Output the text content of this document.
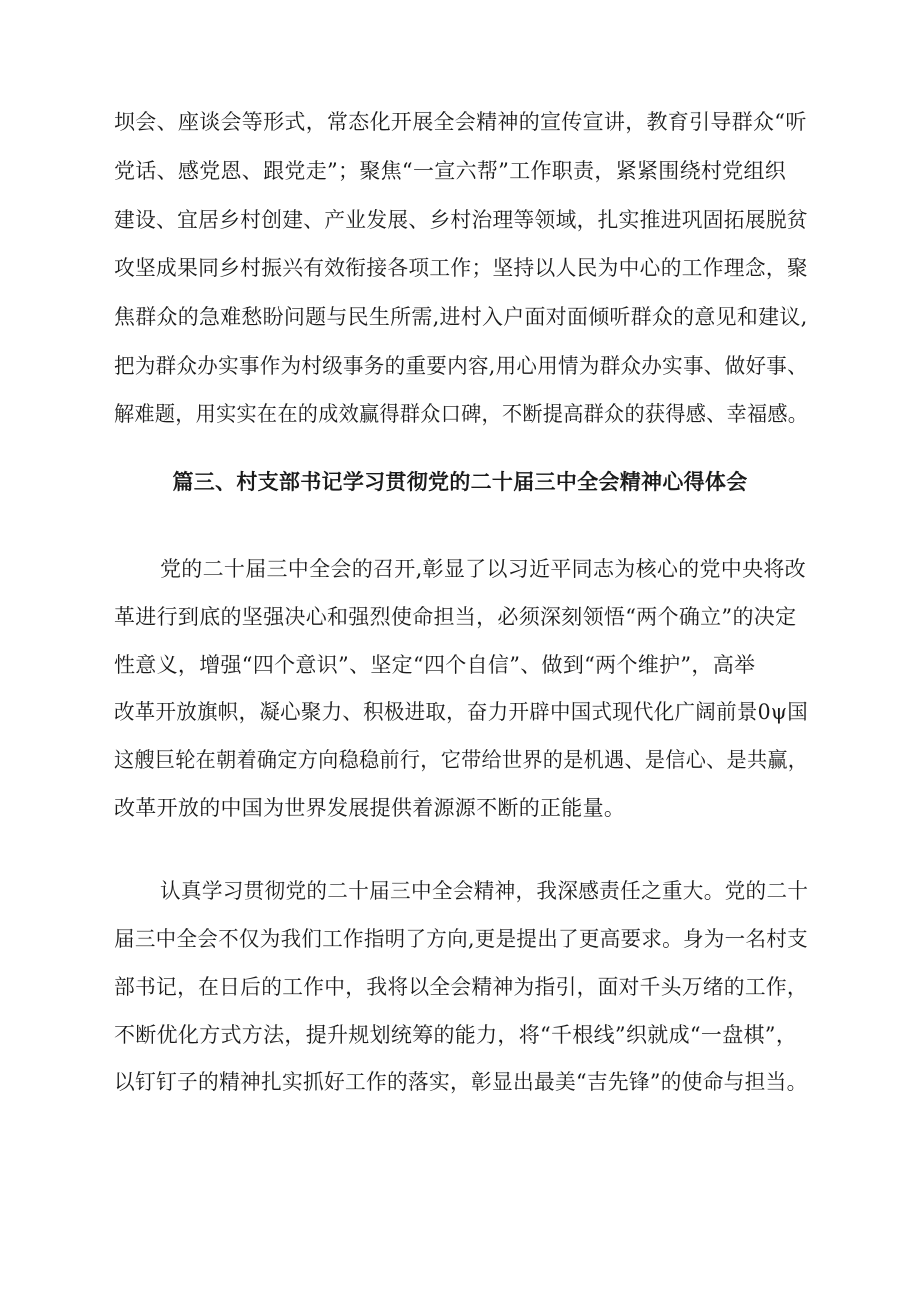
坝会、座谈会等形式，常态化开展全会精神的宣传宣讲，教育引导群众“听
党话、感党恩、跟党走”；聚焦“一宣六帮”工作职责，紧紧围绕村党组织
建设、宜居乡村创建、产业发展、乡村治理等领域，扎实推进巩固拓展脱贫
攻坚成果同乡村振兴有效衔接各项工作；坚持以人民为中心的工作理念，聚
焦群众的急难愁盼问题与民生所需,进村入户面对面倾听群众的意见和建议,
把为群众办实事作为村级事务的重要内容,用心用情为群众办实事、做好事、
解难题，用实实在在的成效赢得群众口碑，不断提高群众的获得感、幸福感。
篇三、村支部书记学习贯彻党的二十届三中全会精神心得体会
党的二十届三中全会的召开,彰显了以习近平同志为核心的党中央将改
革进行到底的坚强决心和强烈使命担当，必须深刻领悟“两个确立”的决定
性意义，增强“四个意识”、坚定“四个自信”、做到“两个维护”，高举
改革开放旗帜，凝心聚力、积极进取，奋力开辟中国式现代化广阔前景0ψ国
这艘巨轮在朝着确定方向稳稳前行，它带给世界的是机遇、是信心、是共赢，
改革开放的中国为世界发展提供着源源不断的正能量。
认真学习贯彻党的二十届三中全会精神，我深感责任之重大。党的二十
届三中全会不仅为我们工作指明了方向,更是提出了更高要求。身为一名村支
部书记，在日后的工作中，我将以全会精神为指引，面对千头万绪的工作，
不断优化方式方法，提升规划统筹的能力，将“千根线”织就成“一盘棋”，
以钉钉子的精神扎实抓好工作的落实，彰显出最美“吉先锋”的使命与担当。
